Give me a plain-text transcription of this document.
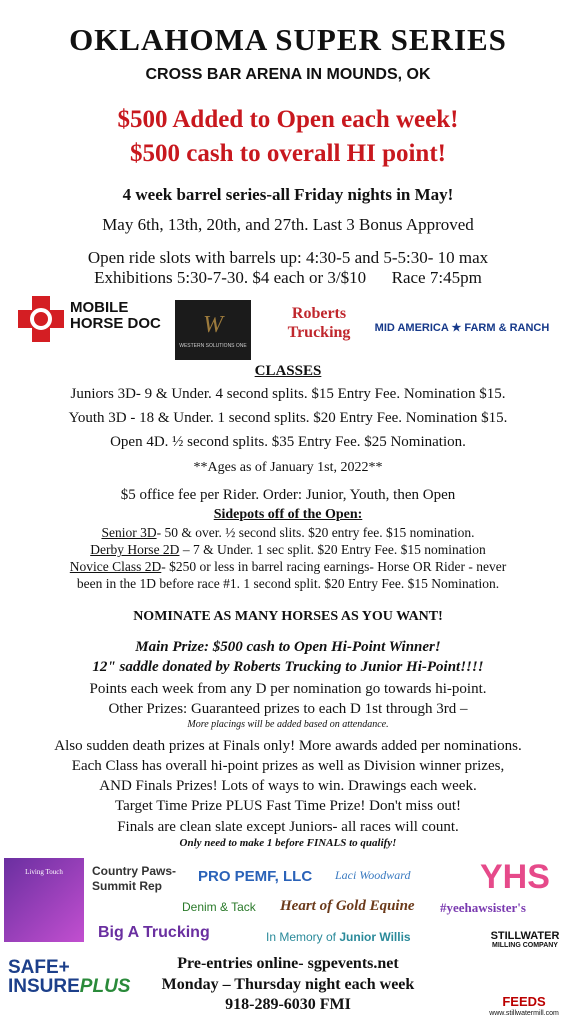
OKLAHOMA SUPER SERIES
CROSS BAR ARENA IN MOUNDS, OK
$500 Added to Open each week!
$500 cash to overall HI point!
4 week barrel series-all Friday nights in May!
May 6th, 13th, 20th, and 27th. Last 3 Bonus Approved
Open ride slots with barrels up: 4:30-5 and 5-5:30- 10 max
Exhibitions 5:30-7-30. $4 each or 3/$10      Race 7:45pm
MOBILE HORSE DOC	W
WESTERN SOLUTIONS ONE
Roberts Trucking	MID AMERICA ★ FARM & RANCH
CLASSES
Juniors 3D- 9 & Under. 4 second splits. $15 Entry Fee. Nomination $15.
Youth 3D - 18 & Under. 1 second splits. $20 Entry Fee. Nomination $15.
Open 4D. ½ second splits. $35 Entry Fee. $25 Nomination.
**Ages as of January 1st, 2022**
$5 office fee per Rider. Order: Junior, Youth, then Open
Sidepots off of the Open:
Senior 3D- 50 & over. ½ second slits. $20 entry fee. $15 nomination.
Derby Horse 2D – 7 & Under. 1 sec split. $20 Entry Fee. $15 nomination
Novice Class 2D- $250 or less in barrel racing earnings- Horse OR Rider - never
been in the 1D before race #1. 1 second split. $20 Entry Fee. $15 Nomination.
NOMINATE AS MANY HORSES AS YOU WANT!
Main Prize: $500 cash to Open Hi-Point Winner!
12" saddle donated by Roberts Trucking to Junior Hi-Point!!!!
Points each week from any D per nomination go towards hi-point.
Other Prizes: Guaranteed prizes to each D 1st through 3rd –
More placings will be added based on attendance.
Also sudden death prizes at Finals only! More awards added per nominations.
Each Class has overall hi-point prizes as well as Division winner prizes,
AND Finals Prizes! Lots of ways to win. Drawings each week.
Target Time Prize PLUS Fast Time Prize! Don't miss out!
Finals are clean slate except Juniors- all races will count.
Only need to make 1 before FINALS to qualify!
Living Touch	Country Paws- Summit Rep
PRO PEMF, LLC Laci Woodward YHS
Denim & Tack Heart of Gold Equine #yeehawsister's
Big A Trucking	In Memory of Junior Willis	STILLWATER
MILLING COMPANY
FEEDS
www.stillwatermill.com
SAFE+
INSUREPLUS
Pre-entries online- sgpevents.net
Monday – Thursday night each week
918-289-6030 FMI
